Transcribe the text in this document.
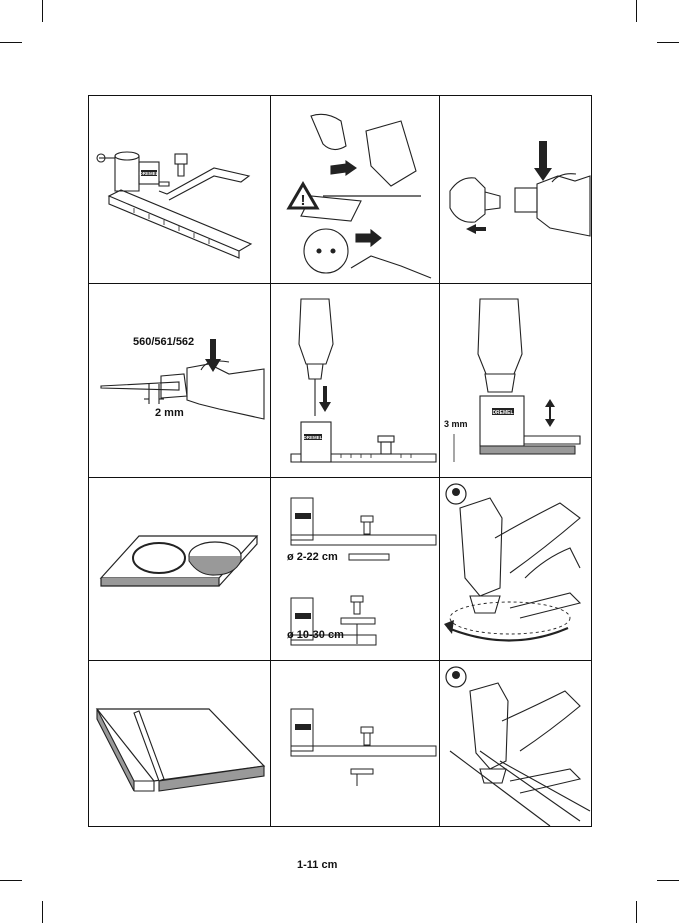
DREMEL
!
560/561/562
2 mm
DREMEL
DREMEL
3 mm
ø 2-22 cm
ø 10-30 cm
1-11 cm
